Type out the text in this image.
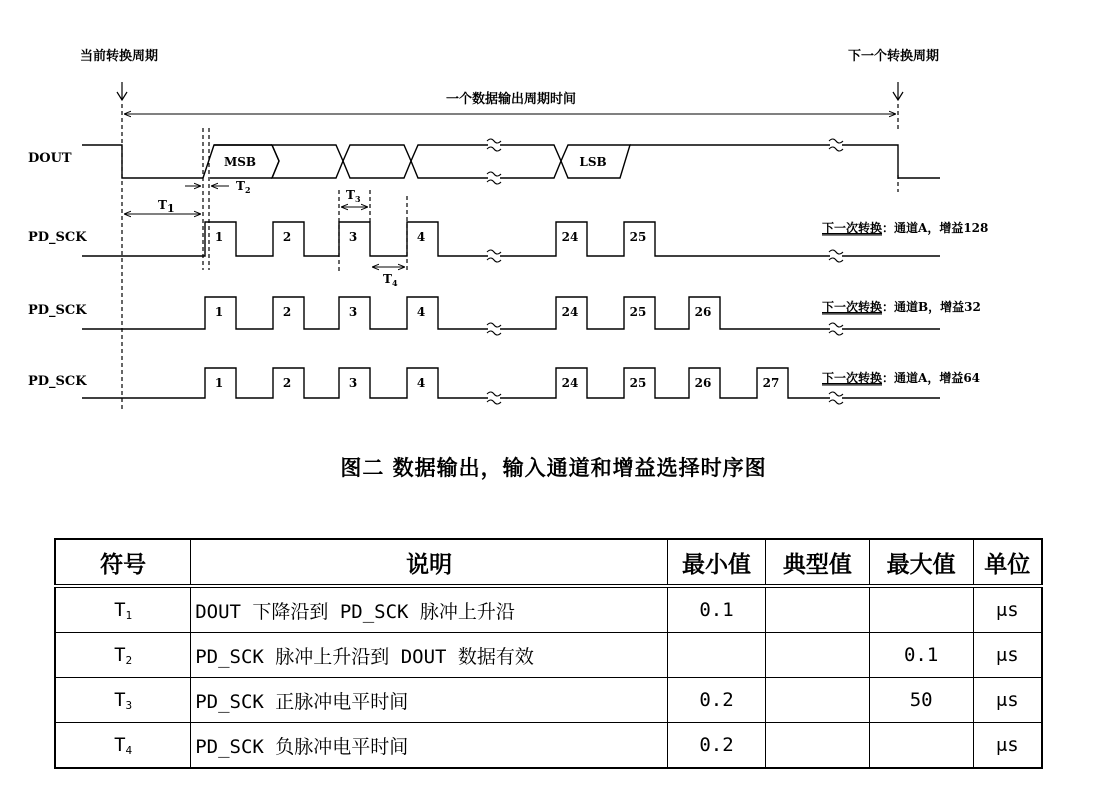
当前转换周期	下一个转换周期
一个数据输出周期时间
DOUT
PD_SCK
PD_SCK
PD_SCK
MSB	LSB
T1
$T_2$	$T_3$
$T_4$
1	2	3	4	24	25
1	2	3	4	24	25	26
1	2	3	4	24	25	26	27
下一次转换：通道A，增益128
下一次转换：通道B，增益32
下一次转换：通道A，增益64
图二 数据输出，输入通道和增益选择时序图
符号	说明	最小值	典型值	最大值	单位
$T_1$	DOUT 下降沿到 PD_SCK 脉冲上升沿	0.1			μs
$T_2$	PD_SCK 脉冲上升沿到 DOUT 数据有效			0.1	μs
$T_3$	PD_SCK 正脉冲电平时间	0.2		50	μs
$T_4$	PD_SCK 负脉冲电平时间	0.2			μs
